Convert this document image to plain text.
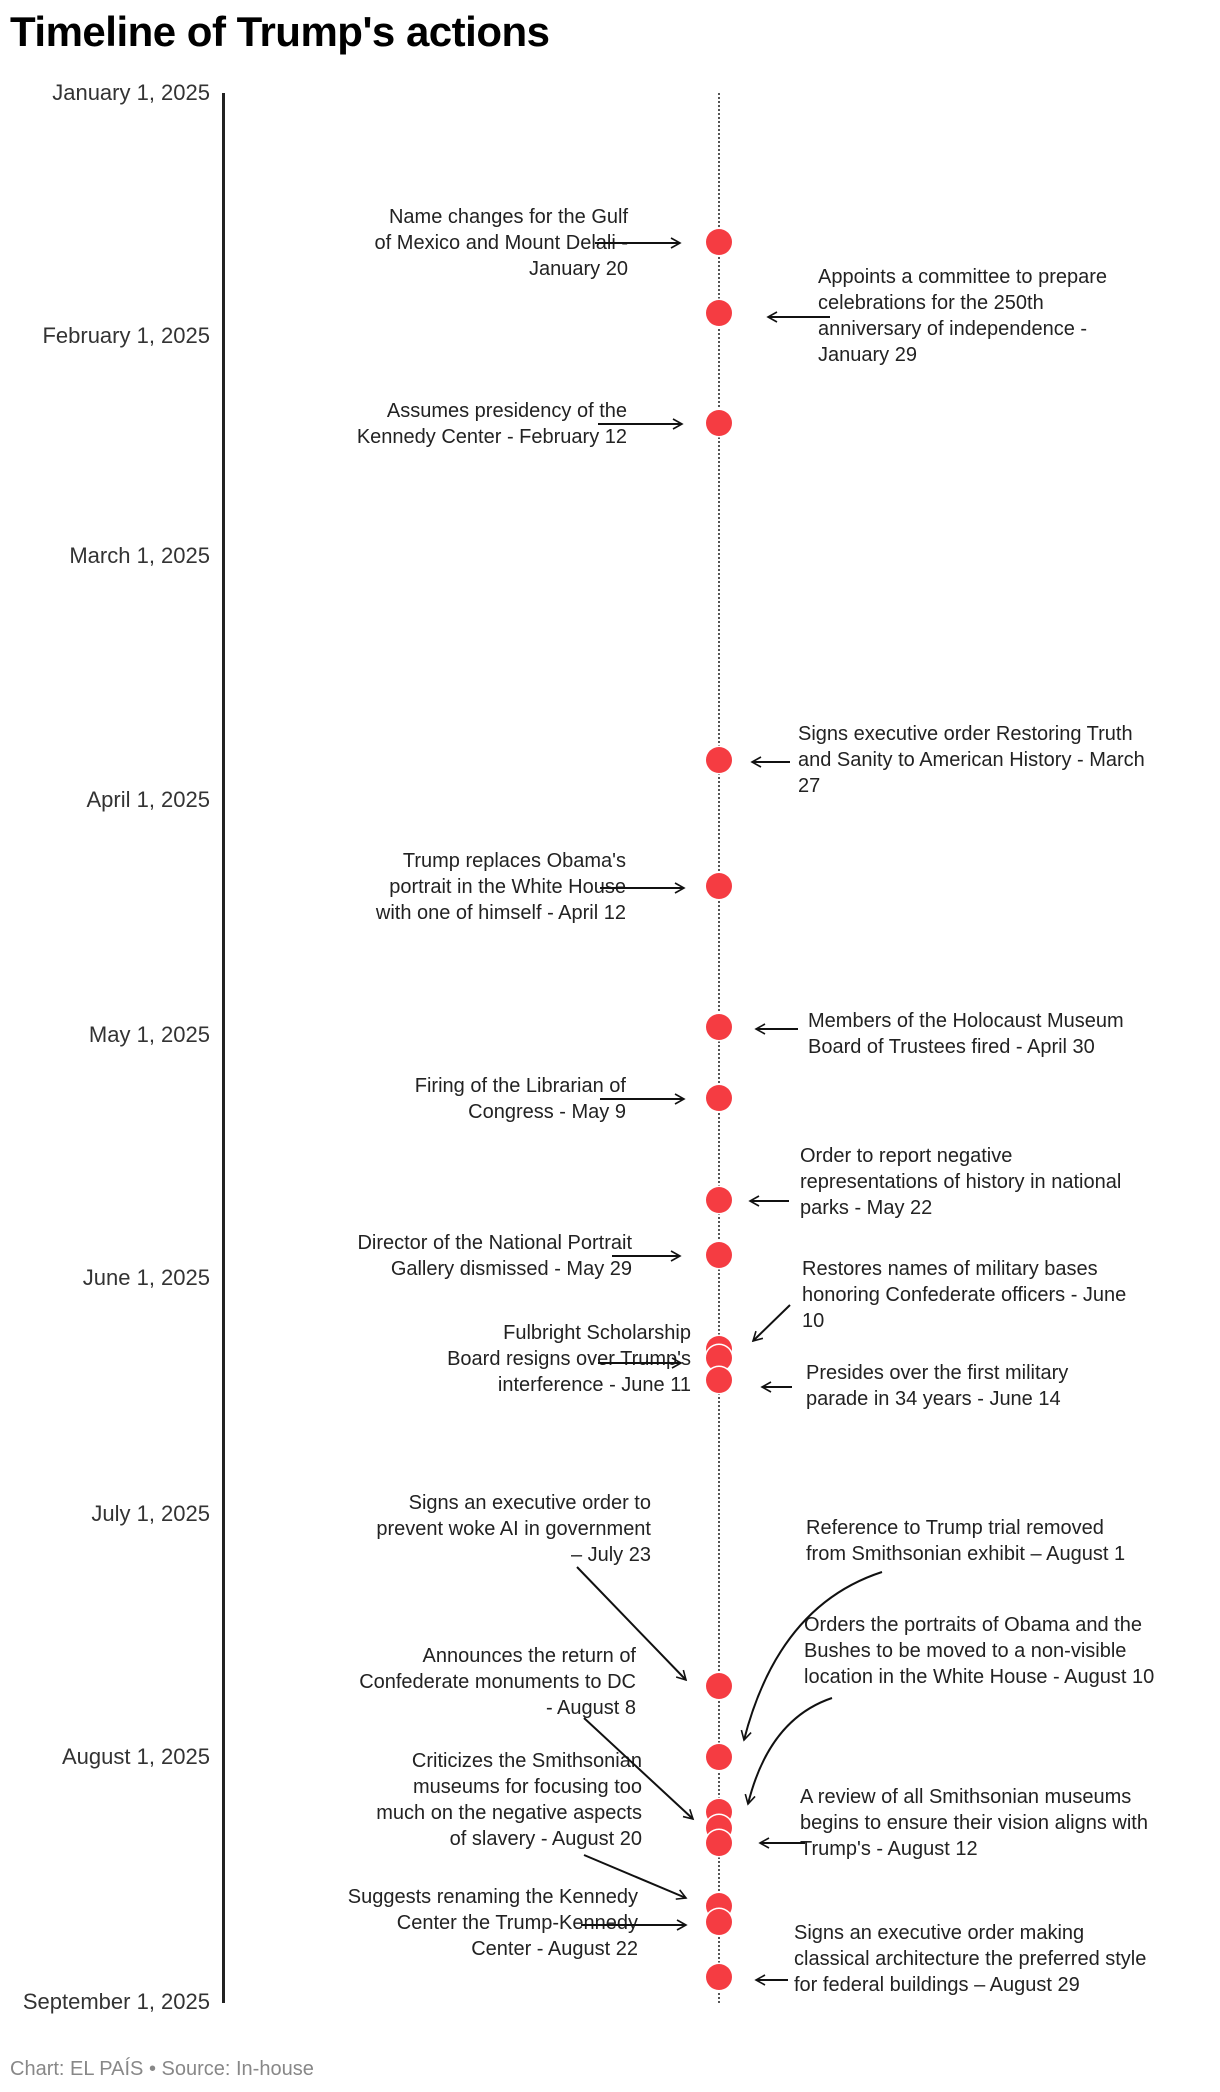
Timeline of Trump's actions
January 1, 2025
February 1, 2025
March 1, 2025
April 1, 2025
May 1, 2025
June 1, 2025
July 1, 2025
August 1, 2025
September 1, 2025
Name changes for the Gulf
of Mexico and Mount Delali -
January 20	Appoints a committee to prepare
celebrations for the 250th
anniversary of independence -
January 29
Assumes presidency of the
Kennedy Center - February 12
Signs executive order Restoring Truth
and Sanity to American History - March
27
Trump replaces Obama's
portrait in the White House
with one of himself - April 12
Members of the Holocaust Museum
Board of Trustees fired - April 30
Firing of the Librarian of
Congress - May 9
Order to report negative
representations of history in national
parks - May 22
Director of the National Portrait
Gallery dismissed - May 29	Restores names of military bases
honoring Confederate officers - June
10
Fulbright Scholarship
Board resigns over Trump's
interference - June 11
Presides over the first military
parade in 34 years - June 14
Signs an executive order to
prevent woke AI in government
– July 23
Reference to Trump trial removed
from Smithsonian exhibit – August 1
Announces the return of
Confederate monuments to DC
- August 8
Orders the portraits of Obama and the
Bushes to be moved to a non-visible
location in the White House - August 10
A review of all Smithsonian museums
begins to ensure their vision aligns with
Trump's - August 12
Criticizes the Smithsonian
museums for focusing too
much on the negative aspects
of slavery - August 20
Suggests renaming the Kennedy
Center the Trump-Kennedy
Center - August 22
Signs an executive order making
classical architecture the preferred style
for federal buildings – August 29
Chart: EL PAÍS • Source: In-house
